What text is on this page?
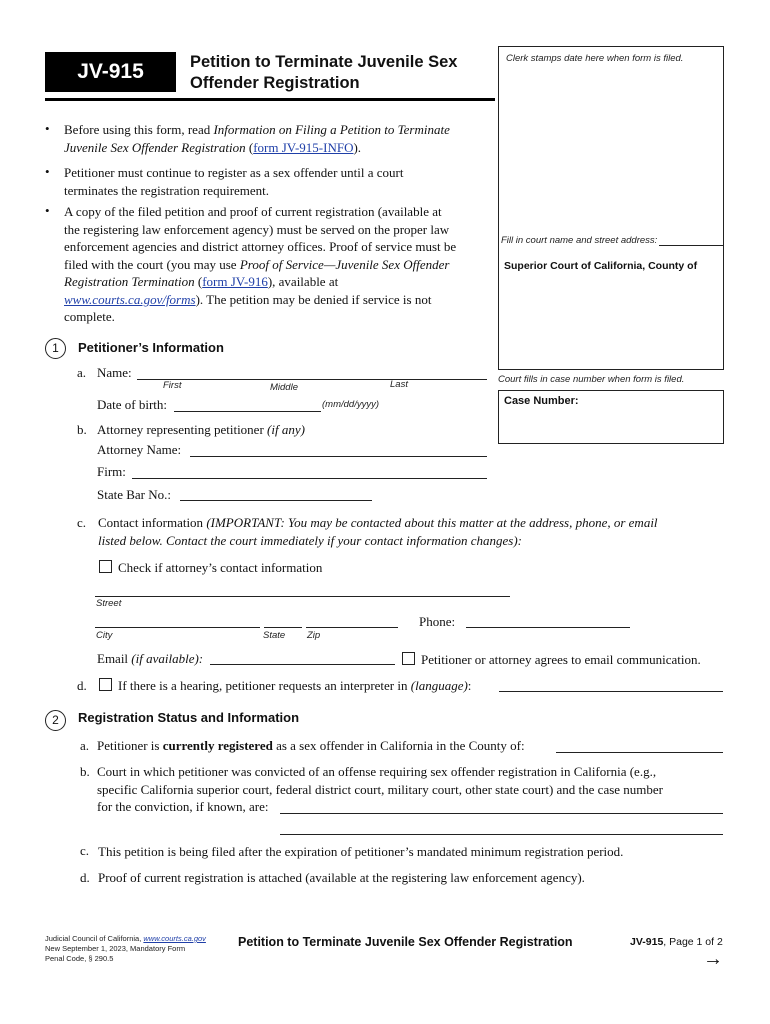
JV-915	Petition to Terminate Juvenile Sex
Offender Registration
Clerk stamps date here when form is filed.
Fill in court name and street address:
Superior Court of California, County of
Court fills in case number when form is filed.
Case Number:
• Before using this form, read Information on Filing a Petition to Terminate
Juvenile Sex Offender Registration (form JV-915-INFO).
• Petitioner must continue to register as a sex offender until a court
terminates the registration requirement.
• A copy of the filed petition and proof of current registration (available at
the registering law enforcement agency) must be served on the proper law
enforcement agencies and district attorney offices. Proof of service must be
filed with the court (you may use Proof of Service—Juvenile Sex Offender
Registration Termination (form JV-916), available at
www.courts.ca.gov/forms). The petition may be denied if service is not
complete.
1	Petitioner’s Information
a. Name:
First	Middle	Last
Date of birth:	(mm/dd/yyyy)
b. Attorney representing petitioner (if any)
Attorney Name:
Firm:
State Bar No.:
c. Contact information (IMPORTANT: You may be contacted about this matter at the address, phone, or email
listed below. Contact the court immediately if your contact information changes):
Check if attorney’s contact information
Street
City	State Zip
Phone:
Email (if available):	Petitioner or attorney agrees to email communication.
d.	If there is a hearing, petitioner requests an interpreter in (language):
2	Registration Status and Information
a. Petitioner is currently registered as a sex offender in California in the County of:
b. Court in which petitioner was convicted of an offense requiring sex offender registration in California (e.g.,
specific California superior court, federal district court, military court, other state court) and the case number
for the conviction, if known, are:
c. This petition is being filed after the expiration of petitioner’s mandated minimum registration period.
d. Proof of current registration is attached (available at the registering law enforcement agency).
Judicial Council of California, www.courts.ca.gov
New September 1, 2023, Mandatory Form
Penal Code, § 290.5
Petition to Terminate Juvenile Sex Offender Registration	JV-915, Page 1 of 2
→
